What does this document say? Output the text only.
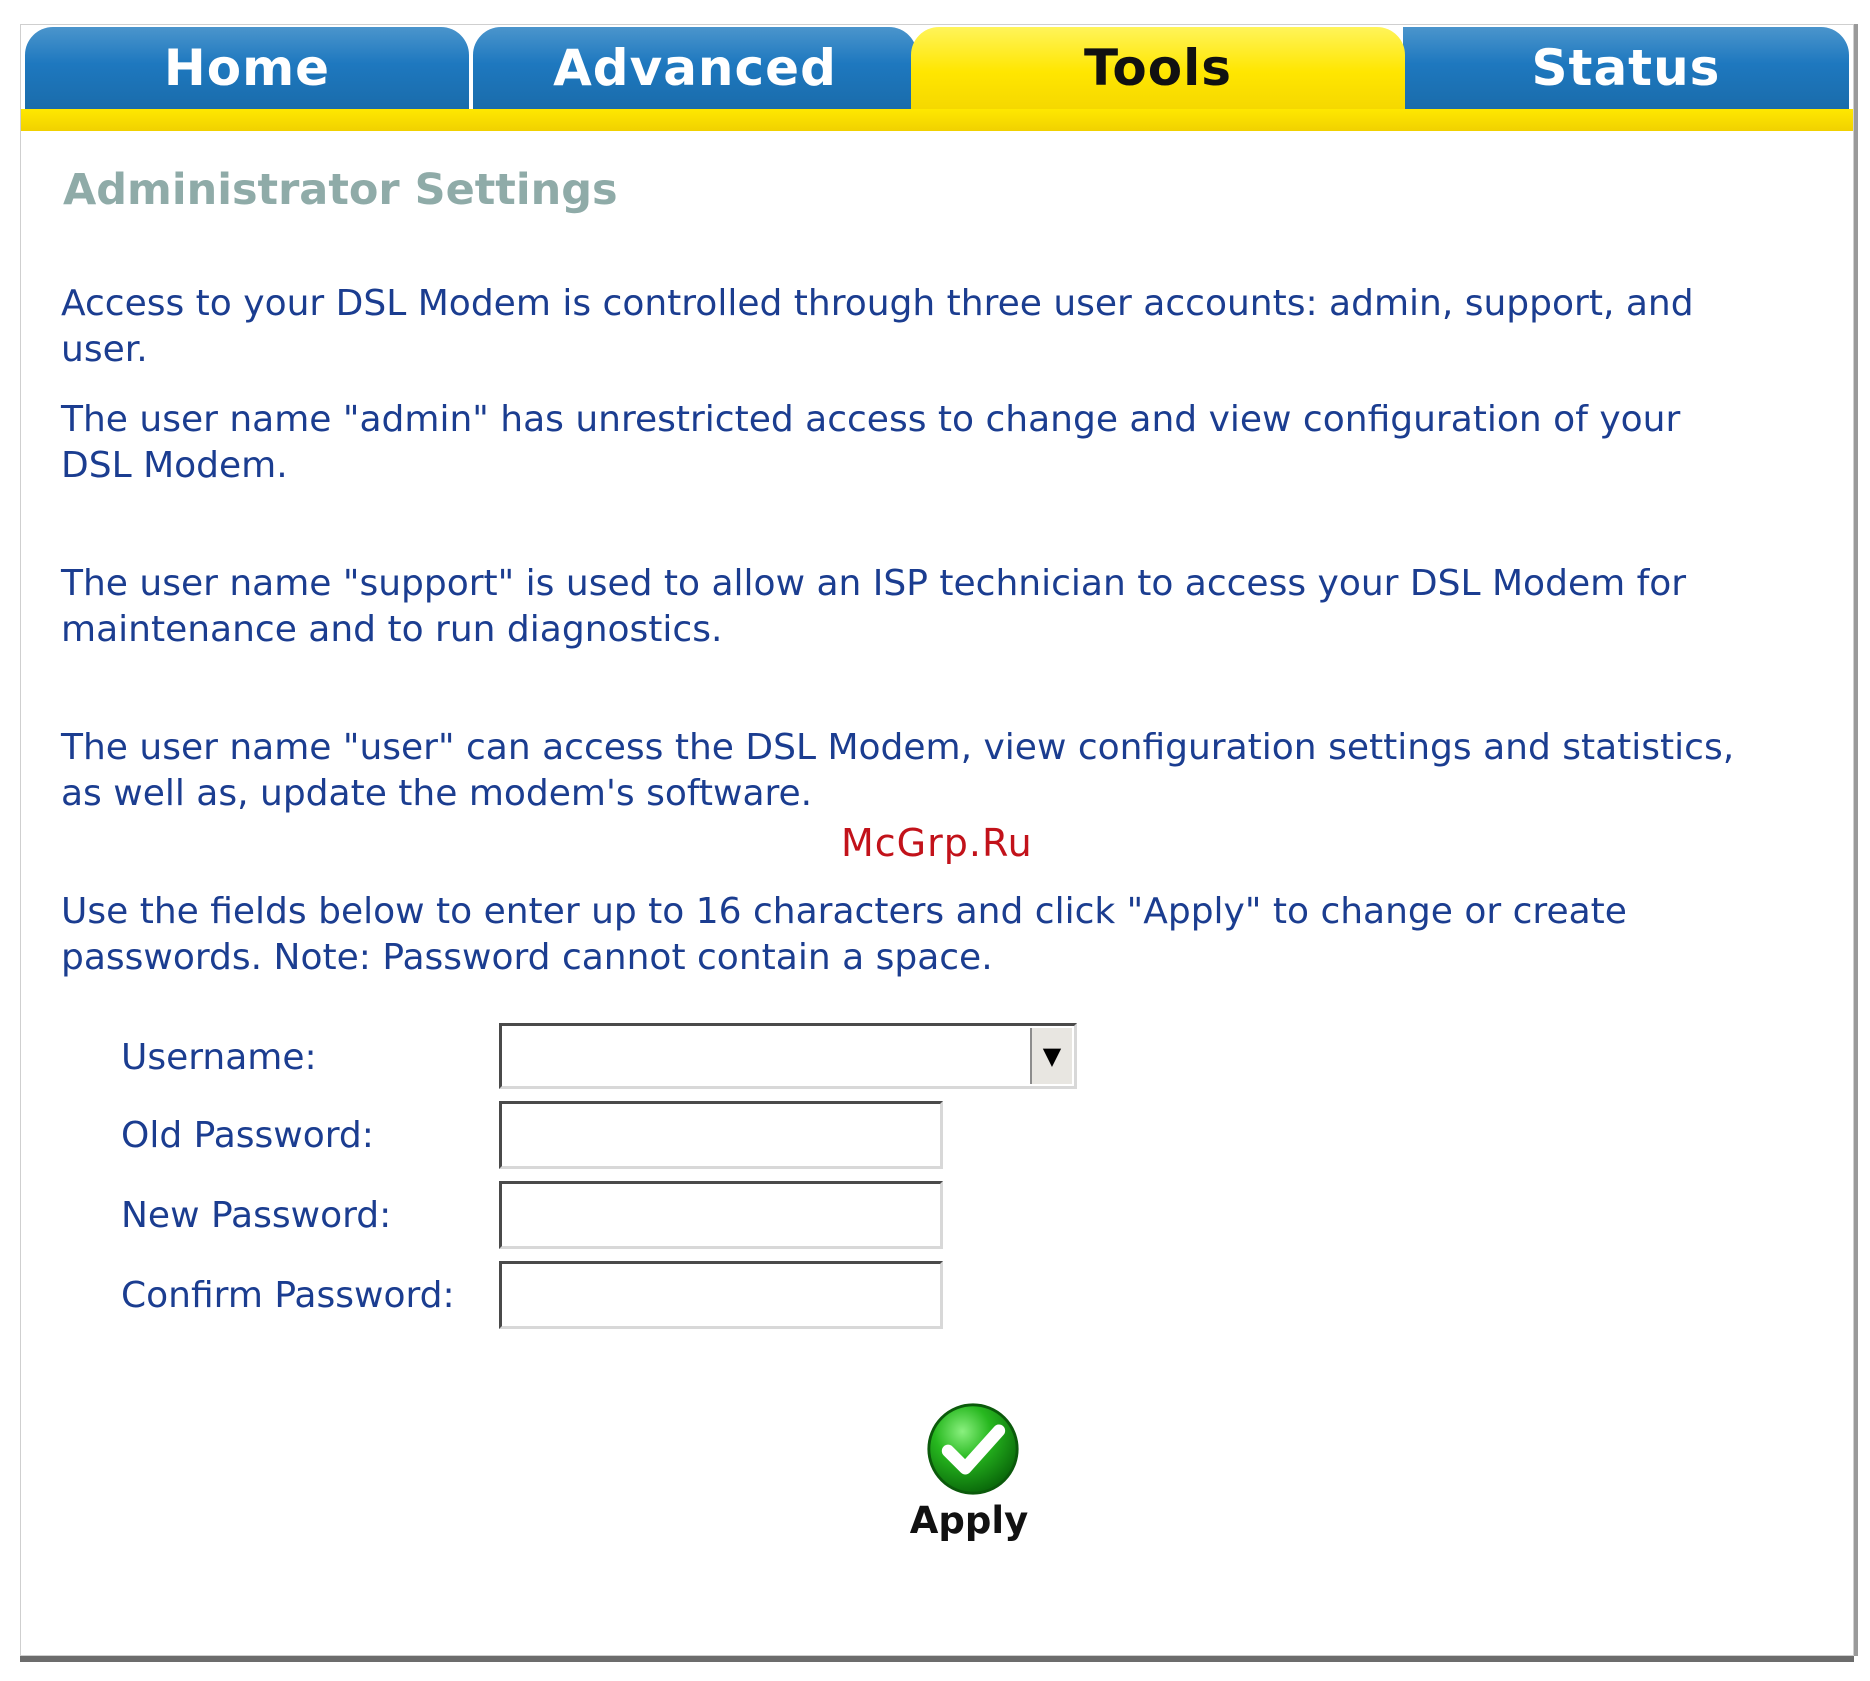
Home	Advanced	Tools	Status
Administrator Settings
Access to your DSL Modem is controlled through three user accounts: admin, support, and user.
The user name "admin" has unrestricted access to change and view configuration of your DSL Modem.
The user name "support" is used to allow an ISP technician to access your DSL Modem for maintenance and to run diagnostics.
The user name "user" can access the DSL Modem, view configuration settings and statistics, as well as, update the modem's software.
McGrp.Ru
Use the fields below to enter up to 16 characters and click "Apply" to change or create passwords. Note: Password cannot contain a space.
Username:	▼
Old Password:
New Password:
Confirm Password:
Apply
